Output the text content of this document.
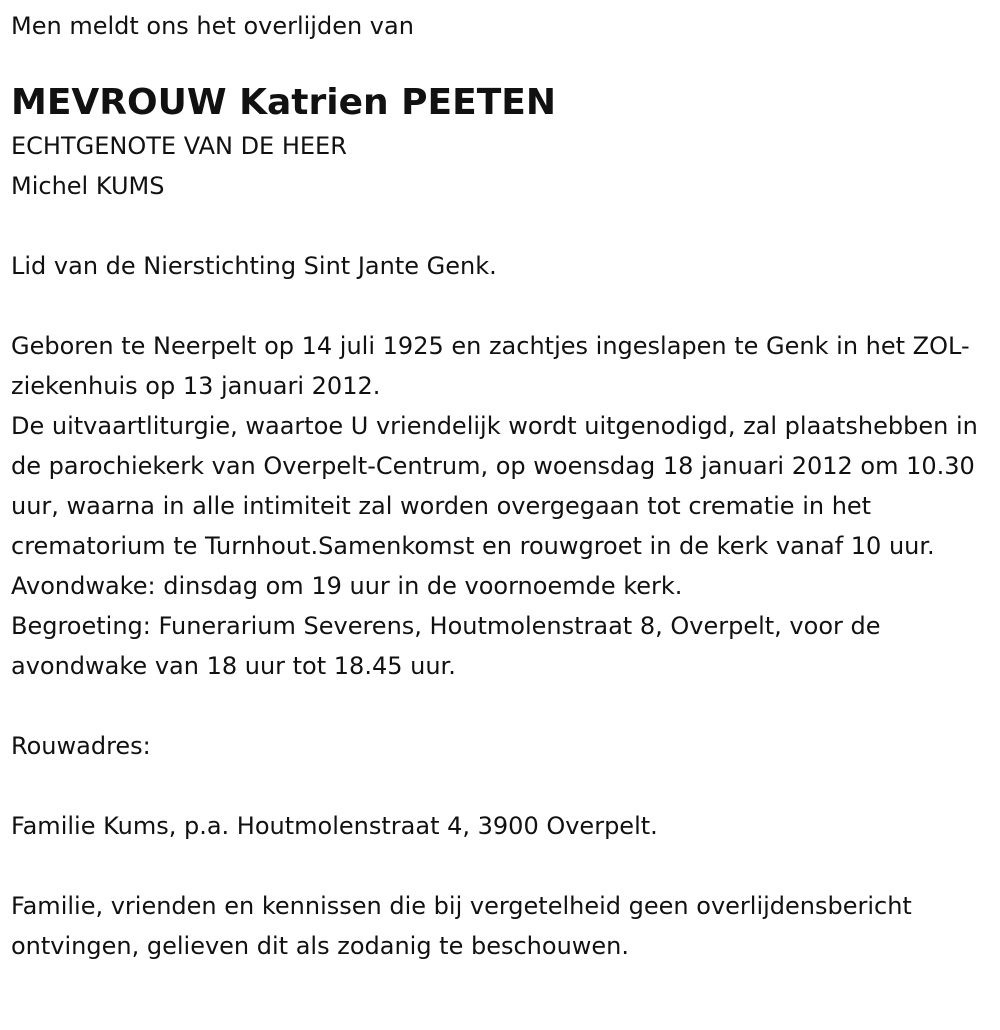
Men meldt ons het overlijden van

MEVROUW Katrien PEETEN

ECHTGENOTE VAN DE HEER

Michel KUMS

Lid van de Nierstichting Sint Jante Genk.

Geboren te Neerpelt op 14 juli 1925 en zachtjes ingeslapen te Genk in het ZOL-ziekenhuis op 13 januari 2012.

De uitvaartliturgie, waartoe U vriendelijk wordt uitgenodigd, zal plaatshebben in de parochiekerk van Overpelt-Centrum, op woensdag 18 januari 2012 om 10.30 uur, waarna in alle intimiteit zal worden overgegaan tot crematie in het crematorium te Turnhout.Samenkomst en rouwgroet in de kerk vanaf 10 uur.

Avondwake: dinsdag om 19 uur in de voornoemde kerk.

Begroeting: Funerarium Severens, Houtmolenstraat 8, Overpelt, voor de avondwake van 18 uur tot 18.45 uur.

Rouwadres:

Familie Kums, p.a. Houtmolenstraat 4, 3900 Overpelt.

Familie, vrienden en kennissen die bij vergetelheid geen overlijdensbericht ontvingen, gelieven dit als zodanig te beschouwen.
